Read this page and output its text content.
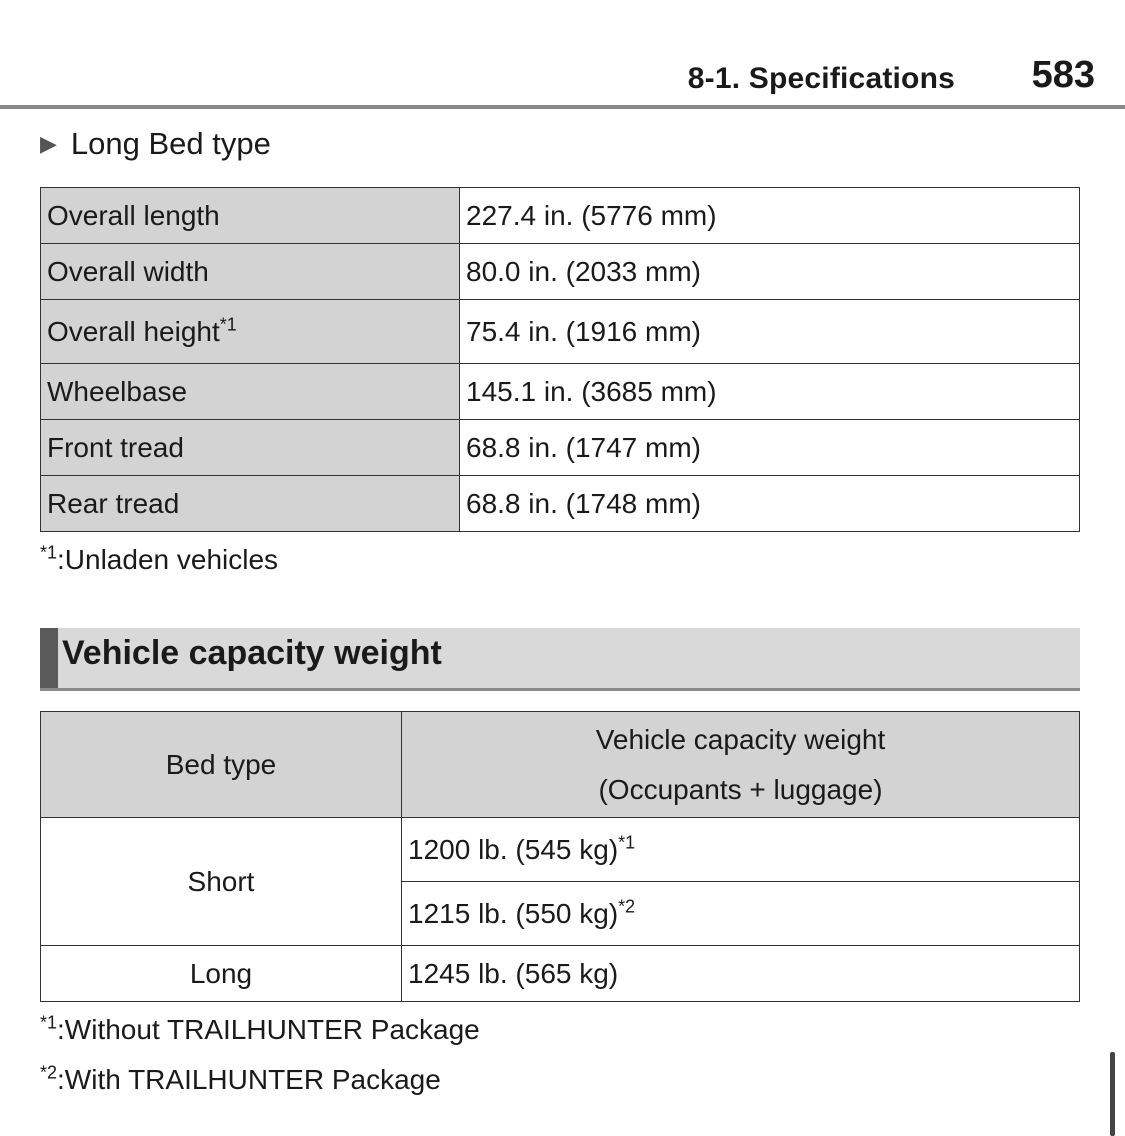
8-1. Specifications 583
▶ Long Bed type
Overall length	227.4 in. (5776 mm)
Overall width	80.0 in. (2033 mm)
Overall height$^{*1}$	75.4 in. (1916 mm)
Wheelbase	145.1 in. (3685 mm)
Front tread	68.8 in. (1747 mm)
Rear tread	68.8 in. (1748 mm)
$^{*1}$:Unladen vehicles
Vehicle capacity weight
Bed type	Vehicle capacity weight
(Occupants + luggage)

Short	1200 lb. (545 kg)$^{*1}$
	1215 lb. (550 kg)$^{*2}$
Long	1245 lb. (565 kg)
$^{*1}$:Without TRAILHUNTER Package
$^{*2}$:With TRAILHUNTER Package
